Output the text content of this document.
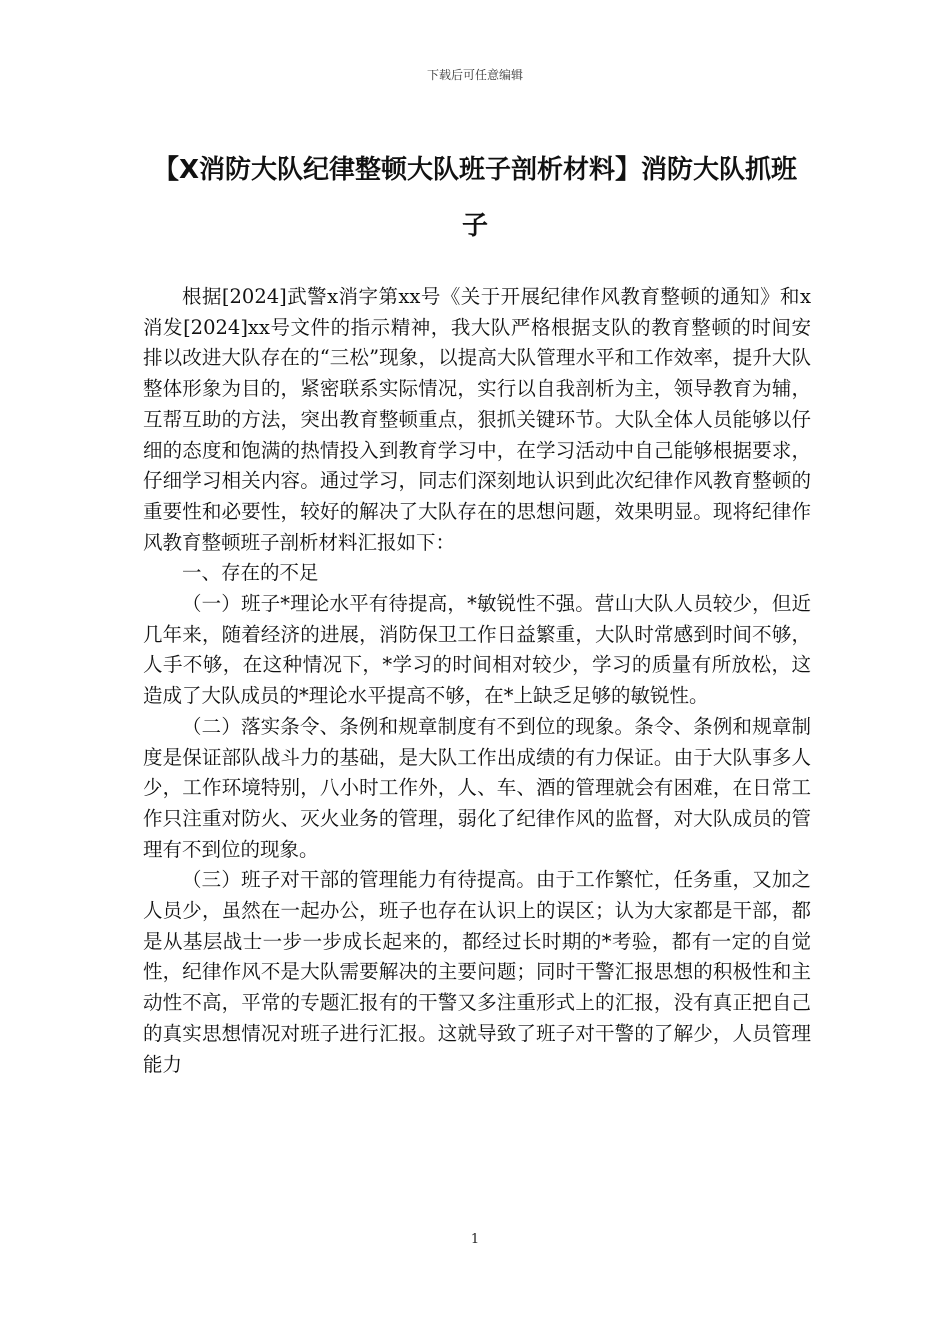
下载后可任意编辑
【X消防大队纪律整顿大队班子剖析材料】消防大队抓班子

根据[2024]武警x消字第xx号《关于开展纪律作风教育整顿的通知》和x消发[2024]xx号文件的指示精神，我大队严格根据支队的教育整顿的时间安排以改进大队存在的“三松”现象，以提高大队管理水平和工作效率，提升大队整体形象为目的，紧密联系实际情况，实行以自我剖析为主，领导教育为辅，互帮互助的方法，突出教育整顿重点，狠抓关键环节。大队全体人员能够以仔细的态度和饱满的热情投入到教育学习中，在学习活动中自己能够根据要求，仔细学习相关内容。通过学习，同志们深刻地认识到此次纪律作风教育整顿的重要性和必要性，较好的解决了大队存在的思想问题，效果明显。现将纪律作风教育整顿班子剖析材料汇报如下：

一、存在的不足

（一）班子*理论水平有待提高，*敏锐性不强。营山大队人员较少，但近几年来，随着经济的进展，消防保卫工作日益繁重，大队时常感到时间不够，人手不够，在这种情况下，*学习的时间相对较少，学习的质量有所放松，这造成了大队成员的*理论水平提高不够，在*上缺乏足够的敏锐性。

（二）落实条令、条例和规章制度有不到位的现象。条令、条例和规章制度是保证部队战斗力的基础，是大队工作出成绩的有力保证。由于大队事多人少，工作环境特别，八小时工作外，人、车、酒的管理就会有困难，在日常工作只注重对防火、灭火业务的管理，弱化了纪律作风的监督，对大队成员的管理有不到位的现象。

（三）班子对干部的管理能力有待提高。由于工作繁忙，任务重，又加之人员少，虽然在一起办公，班子也存在认识上的误区；认为大家都是干部，都是从基层战士一步一步成长起来的，都经过长时期的*考验，都有一定的自觉性，纪律作风不是大队需要解决的主要问题；同时干警汇报思想的积极性和主动性不高，平常的专题汇报有的干警又多注重形式上的汇报，没有真正把自己的真实思想情况对班子进行汇报。这就导致了班子对干警的了解少，人员管理能力

1
